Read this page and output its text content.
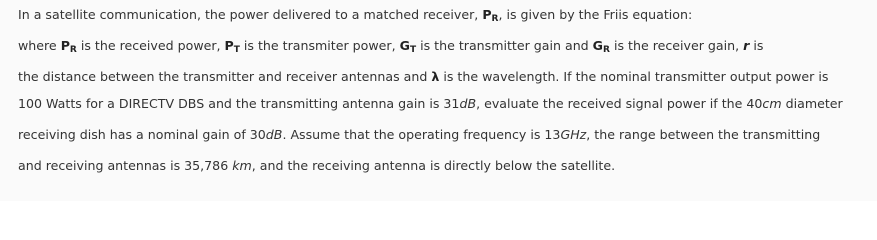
In a satellite communication, the power delivered to a matched receiver, $P_R$, is given by the Friis equation:
where $P_R$ is the received power, $P_T$ is the transmiter power, $G_T$ is the transmitter gain and $G_R$ is the receiver gain, r is
the distance between the transmitter and receiver antennas and λ is the wavelength. If the nominal transmitter output power is
100 Watts for a DIRECTV DBS and the transmitting antenna gain is 31dB, evaluate the received signal power if the 40cm diameter
receiving dish has a nominal gain of 30dB. Assume that the operating frequency is 13GHz, the range between the transmitting
and receiving antennas is 35,786 km, and the receiving antenna is directly below the satellite.
